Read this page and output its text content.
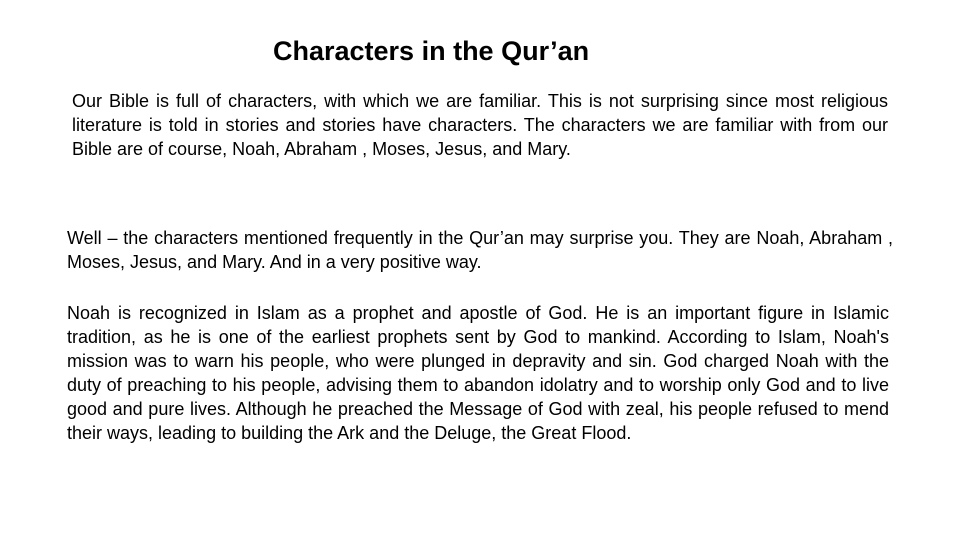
Characters in the Qur’an

Our Bible is full of characters, with which we are familiar. This is not surprising since most religious literature is told in stories and stories have characters. The characters we are familiar with from our Bible are of course, Noah, Abraham , Moses, Jesus, and Mary.

Well – the characters mentioned frequently in the Qur’an may surprise you. They are Noah, Abraham , Moses, Jesus, and Mary. And in a very positive way.

Noah is recognized in Islam as a prophet and apostle of God. He is an important figure in Islamic tradition, as he is one of the earliest prophets sent by God to mankind. According to Islam, Noah's mission was to warn his people, who were plunged in depravity and sin. God charged Noah with the duty of preaching to his people, advising them to abandon idolatry and to worship only God and to live good and pure lives. Although he preached the Message of God with zeal, his people refused to mend their ways, leading to building the Ark and the Deluge, the Great Flood.
